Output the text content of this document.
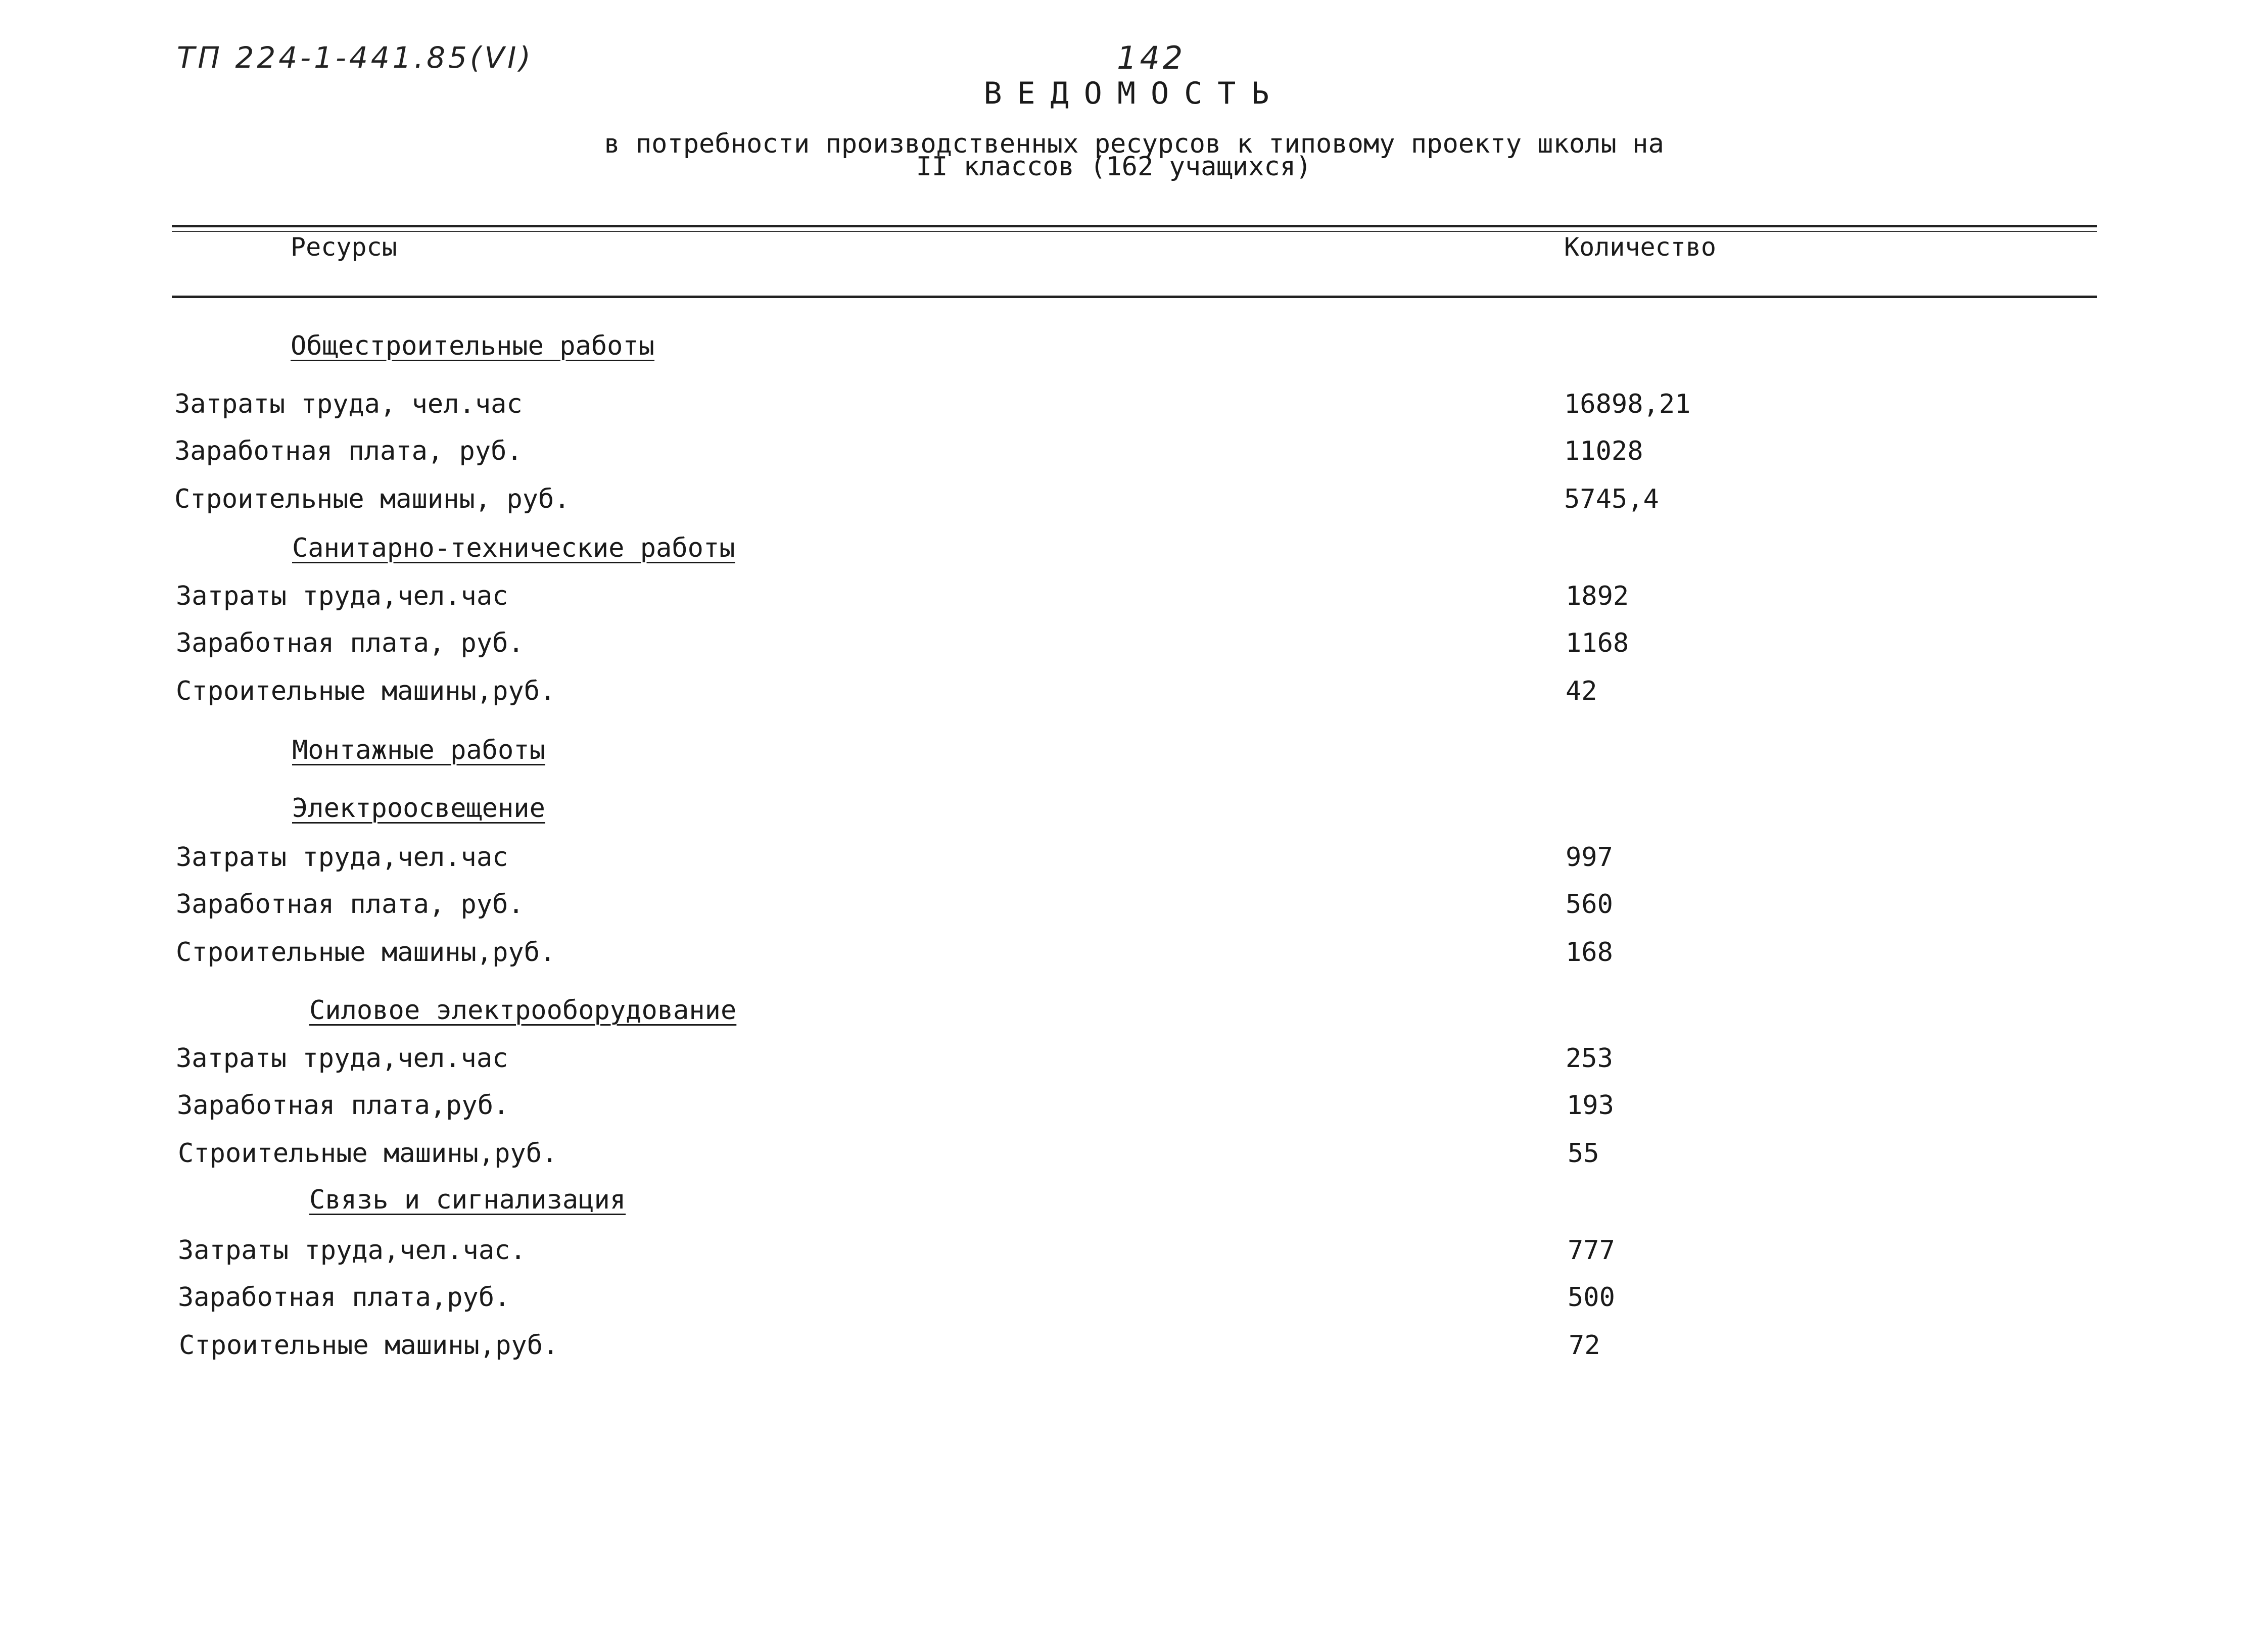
ТП 224-1-441.85(VI)	142
ВЕДОМОСТЬ
в потребности производственных ресурсов к типовому проекту школы на
II классов (162 учащихся)
Ресурсы	Количество
Общестроительные работы
Затраты труда, чел.час	16898,21
Заработная плата, руб.	11028
Строительные машины, руб.	5745,4
Санитарно-технические работы
Затраты труда,чел.час	1892
Заработная плата, руб.	1168
Строительные машины,руб.	42
Монтажные работы
Электроосвещение
Затраты труда,чел.час	997
Заработная плата, руб.	560
Строительные машины,руб.	168
Силовое электрооборудование
Затраты труда,чел.час	253
Заработная плата,руб.	193
Строительные машины,руб.	55
Связь и сигнализация
Затраты труда,чел.час.	777
Заработная плата,руб.	500
Строительные машины,руб.	72
